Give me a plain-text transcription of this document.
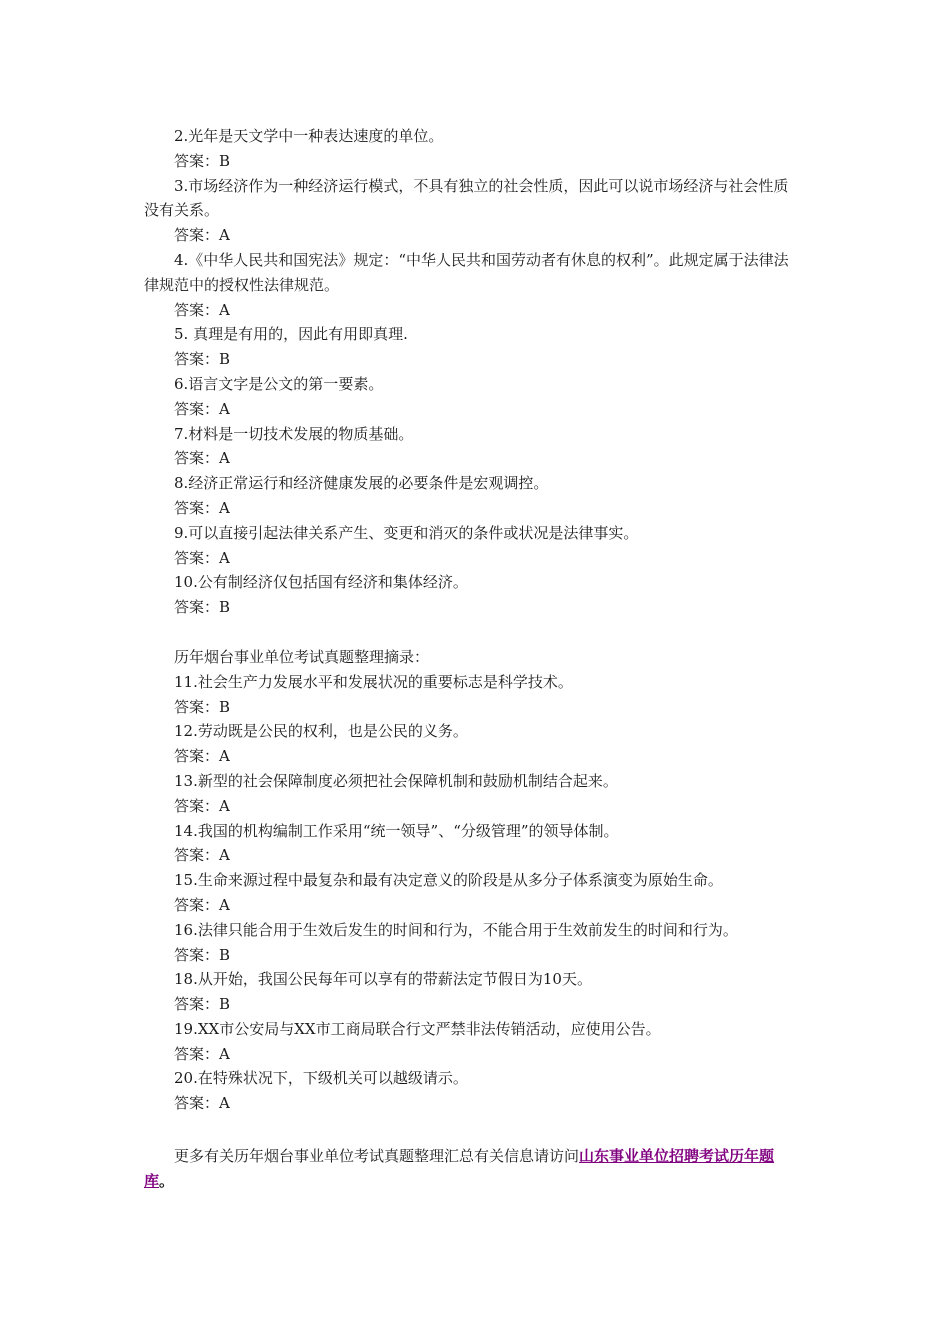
2.光年是天文学中一种表达速度的单位。

答案：B

3.市场经济作为一种经济运行模式，不具有独立的社会性质，因此可以说市场经济与社会性质没有关系。

答案：A

4.《中华人民共和国宪法》规定：“中华人民共和国劳动者有休息的权利”。此规定属于法律法律规范中的授权性法律规范。

答案：A

5. 真理是有用的，因此有用即真理.

答案：B

6.语言文字是公文的第一要素。

答案：A

7.材料是一切技术发展的物质基础。

答案：A

8.经济正常运行和经济健康发展的必要条件是宏观调控。

答案：A

9.可以直接引起法律关系产生、变更和消灭的条件或状况是法律事实。

答案：A

10.公有制经济仅包括国有经济和集体经济。

答案：B

历年烟台事业单位考试真题整理摘录：

11.社会生产力发展水平和发展状况的重要标志是科学技术。

答案：B

12.劳动既是公民的权利，也是公民的义务。

答案：A

13.新型的社会保障制度必须把社会保障机制和鼓励机制结合起来。

答案：A

14.我国的机构编制工作采用“统一领导”、“分级管理”的领导体制。

答案：A

15.生命来源过程中最复杂和最有决定意义的阶段是从多分子体系演变为原始生命。

答案：A

16.法律只能合用于生效后发生的时间和行为，不能合用于生效前发生的时间和行为。

答案：B

18.从开始，我国公民每年可以享有的带薪法定节假日为10天。

答案：B

19.XX市公安局与XX市工商局联合行文严禁非法传销活动，应使用公告。

答案：A

20.在特殊状况下，下级机关可以越级请示。

答案：A

更多有关历年烟台事业单位考试真题整理汇总有关信息请访问山东事业单位招聘考试历年题库。
